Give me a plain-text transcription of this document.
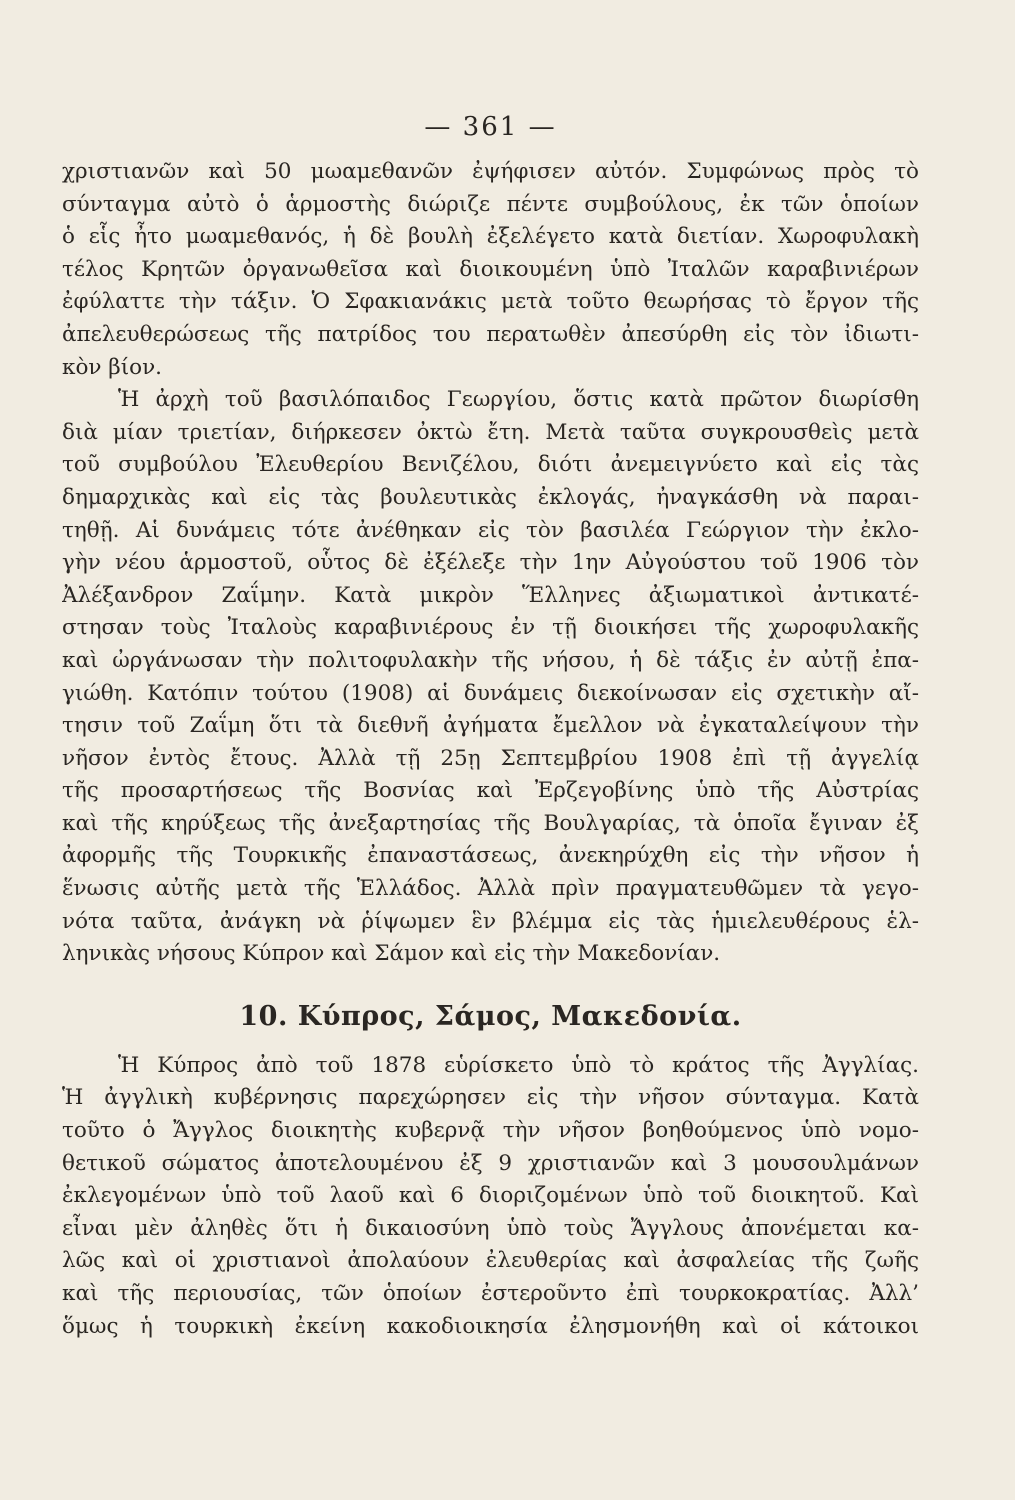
— 361 —
χριστιανῶν καὶ 50 μωαμεθανῶν ἐψήφισεν αὐτόν. Συμφώνως πρὸς τὸ
σύνταγμα αὐτὸ ὁ ἁρμοστὴς διώριζε πέντε συμβούλους, ἐκ τῶν ὁποίων
ὁ εἷς ἦτο μωαμεθανός, ἡ δὲ βουλὴ ἐξελέγετο κατὰ διετίαν. Χωροφυλακὴ
τέλος Κρητῶν ὀργανωθεῖσα καὶ διοικουμένη ὑπὸ Ἰταλῶν καραβινιέρων
ἐφύλαττε τὴν τάξιν. Ὁ Σφακιανάκις μετὰ τοῦτο θεωρήσας τὸ ἔργον τῆς
ἀπελευθερώσεως τῆς πατρίδος του περατωθὲν ἀπεσύρθη εἰς τὸν ἰδιωτι-
κὸν βίον.
Ἡ ἀρχὴ τοῦ βασιλόπαιδος Γεωργίου, ὅστις κατὰ πρῶτον διωρίσθη
διὰ μίαν τριετίαν, διήρκεσεν ὀκτὼ ἔτη. Μετὰ ταῦτα συγκρουσθεὶς μετὰ
τοῦ συμβούλου Ἐλευθερίου Βενιζέλου, διότι ἀνεμειγνύετο καὶ εἰς τὰς
δημαρχικὰς καὶ εἰς τὰς βουλευτικὰς ἐκλογάς, ἠναγκάσθη νὰ παραι-
τηθῇ. Αἱ δυνάμεις τότε ἀνέθηκαν εἰς τὸν βασιλέα Γεώργιον τὴν ἐκλο-
γὴν νέου ἁρμοστοῦ, οὗτος δὲ ἐξέλεξε τὴν 1ην Αὐγούστου τοῦ 1906 τὸν
Ἀλέξανδρον Ζαΐμην. Κατὰ μικρὸν Ἕλληνες ἀξιωματικοὶ ἀντικατέ-
στησαν τοὺς Ἰταλοὺς καραβινιέρους ἐν τῇ διοικήσει τῆς χωροφυλακῆς
καὶ ὠργάνωσαν τὴν πολιτοφυλακὴν τῆς νήσου, ἡ δὲ τάξις ἐν αὐτῇ ἐπα-
γιώθη. Κατόπιν τούτου (1908) αἱ δυνάμεις διεκοίνωσαν εἰς σχετικὴν αἴ-
τησιν τοῦ Ζαΐμη ὅτι τὰ διεθνῆ ἀγήματα ἔμελλον νὰ ἐγκαταλείψουν τὴν
νῆσον ἐντὸς ἔτους. Ἀλλὰ τῇ 25ῃ Σεπτεμβρίου 1908 ἐπὶ τῇ ἀγγελίᾳ
τῆς προσαρτήσεως τῆς Βοσνίας καὶ Ἐρζεγοβίνης ὑπὸ τῆς Αὐστρίας
καὶ τῆς κηρύξεως τῆς ἀνεξαρτησίας τῆς Βουλγαρίας, τὰ ὁποῖα ἔγιναν ἐξ
ἀφορμῆς τῆς Τουρκικῆς ἐπαναστάσεως, ἀνεκηρύχθη εἰς τὴν νῆσον ἡ
ἕνωσις αὐτῆς μετὰ τῆς Ἑλλάδος. Ἀλλὰ πρὶν πραγματευθῶμεν τὰ γεγο-
νότα ταῦτα, ἀνάγκη νὰ ῥίψωμεν ἓν βλέμμα εἰς τὰς ἡμιελευθέρους ἑλ-
ληνικὰς νήσους Κύπρον καὶ Σάμον καὶ εἰς τὴν Μακεδονίαν.
10. Κύπρος, Σάμος, Μακεδονία.
Ἡ Κύπρος ἀπὸ τοῦ 1878 εὑρίσκετο ὑπὸ τὸ κράτος τῆς Ἀγγλίας.
Ἡ ἀγγλικὴ κυβέρνησις παρεχώρησεν εἰς τὴν νῆσον σύνταγμα. Κατὰ
τοῦτο ὁ Ἄγγλος διοικητὴς κυβερνᾷ τὴν νῆσον βοηθούμενος ὑπὸ νομο-
θετικοῦ σώματος ἀποτελουμένου ἐξ 9 χριστιανῶν καὶ 3 μουσουλμάνων
ἐκλεγομένων ὑπὸ τοῦ λαοῦ καὶ 6 διοριζομένων ὑπὸ τοῦ διοικητοῦ. Καὶ
εἶναι μὲν ἀληθὲς ὅτι ἡ δικαιοσύνη ὑπὸ τοὺς Ἄγγλους ἀπονέμεται κα-
λῶς καὶ οἱ χριστιανοὶ ἀπολαύουν ἐλευθερίας καὶ ἀσφαλείας τῆς ζωῆς
καὶ τῆς περιουσίας, τῶν ὁποίων ἐστεροῦντο ἐπὶ τουρκοκρατίας. Ἀλλ’
ὅμως ἡ τουρκικὴ ἐκείνη κακοδιοικησία ἐλησμονήθη καὶ οἱ κάτοικοι
